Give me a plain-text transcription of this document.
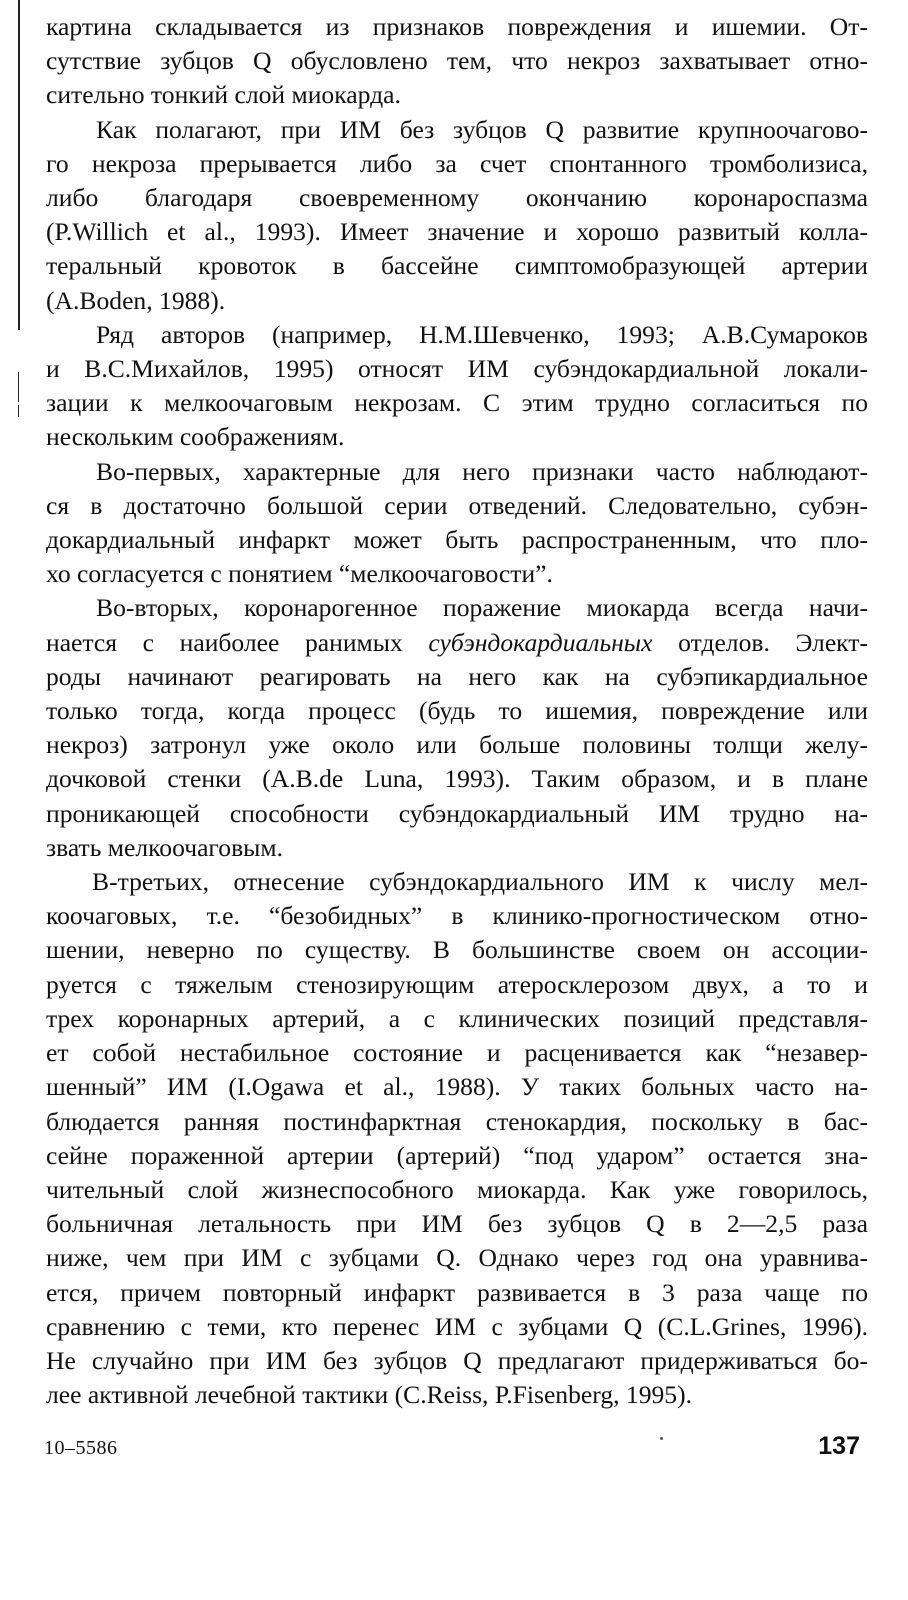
картина складывается из признаков повреждения и ишемии. От-
сутствие зубцов Q обусловлено тем, что некроз захватывает отно-
сительно тонкий слой миокарда.
Как полагают, при ИМ без зубцов Q развитие крупноочагово-
го некроза прерывается либо за счет спонтанного тромболизиса,
либо благодаря своевременному окончанию коронароспазма
(P.Willich et al., 1993). Имеет значение и хорошо развитый колла-
теральный кровоток в бассейне симптомобразующей артерии
(A.Boden, 1988).
Ряд авторов (например, Н.М.Шевченко, 1993; А.В.Сумароков
и В.С.Михайлов, 1995) относят ИМ субэндокардиальной локали-
зации к мелкоочаговым некрозам. С этим трудно согласиться по
нескольким соображениям.
Во-первых, характерные для него признаки часто наблюдают-
ся в достаточно большой серии отведений. Следовательно, субэн-
докардиальный инфаркт может быть распространенным, что пло-
хо согласуется с понятием “мелкоочаговости”.
Во-вторых, коронарогенное поражение миокарда всегда начи-
нается с наиболее ранимых субэндокардиальных отделов. Элект-
роды начинают реагировать на него как на субэпикардиальное
только тогда, когда процесс (будь то ишемия, повреждение или
некроз) затронул уже около или больше половины толщи желу-
дочковой стенки (A.B.de Luna, 1993). Таким образом, и в плане
проникающей способности субэндокардиальный ИМ трудно на-
звать мелкоочаговым.
В-третьих, отнесение субэндокардиального ИМ к числу мел-
коочаговых, т.е. “безобидных” в клинико-прогностическом отно-
шении, неверно по существу. В большинстве своем он ассоции-
руется с тяжелым стенозирующим атеросклерозом двух, а то и
трех коронарных артерий, а с клинических позиций представля-
ет собой нестабильное состояние и расценивается как “незавер-
шенный” ИМ (I.Ogawa et al., 1988). У таких больных часто на-
блюдается ранняя постинфарктная стенокардия, поскольку в бас-
сейне пораженной артерии (артерий) “под ударом” остается зна-
чительный слой жизнеспособного миокарда. Как уже говорилось,
больничная летальность при ИМ без зубцов Q в 2—2,5 раза
ниже, чем при ИМ с зубцами Q. Однако через год она уравнива-
ется, причем повторный инфаркт развивается в 3 раза чаще по
сравнению с теми, кто перенес ИМ с зубцами Q (C.L.Grines, 1996).
Не случайно при ИМ без зубцов Q предлагают придерживаться бо-
лее активной лечебной тактики (C.Reiss, P.Fisenberg, 1995).
10–5586	137
